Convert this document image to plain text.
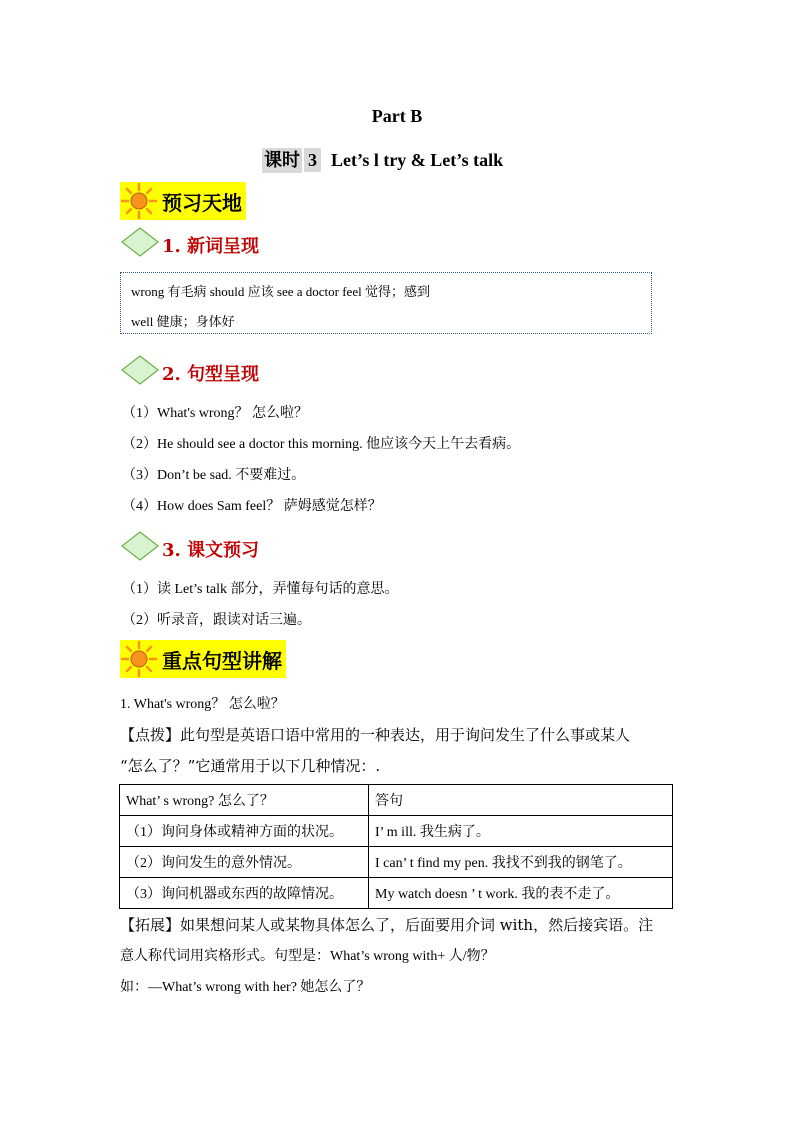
Part B
课时 3 Let’s l try & Let’s talk
预习天地
1. 新词呈现
wrong 有毛病 should 应该 see a doctor feel 觉得；感到
well 健康；身体好
2. 句型呈现
（1）What's wrong？ 怎么啦？
（2）He should see a doctor this morning. 他应该今天上午去看病。
（3）Don’t be sad. 不要难过。
（4）How does Sam feel？ 萨姆感觉怎样？
3. 课文预习
（1）读 Let’s talk 部分，弄懂每句话的意思。
（2）听录音，跟读对话三遍。
重点句型讲解
1. What's wrong？ 怎么啦？
【点拨】此句型是英语口语中常用的一种表达，用于询问发生了什么事或某人
“怎么了？”它通常用于以下几种情况：.
What’ s wrong? 怎么了？	答句
（1）询问身体或精神方面的状况。	I’ m ill. 我生病了。
（2）询问发生的意外情况。	I can’ t find my pen. 我找不到我的钢笔了。
（3）询问机器或东西的故障情况。	My watch doesn ’ t work. 我的表不走了。
【拓展】如果想问某人或某物具体怎么了，后面要用介词 with，然后接宾语。注
意人称代词用宾格形式。句型是：What’s wrong with+ 人/物？
如：—What’s wrong with her? 她怎么了？
